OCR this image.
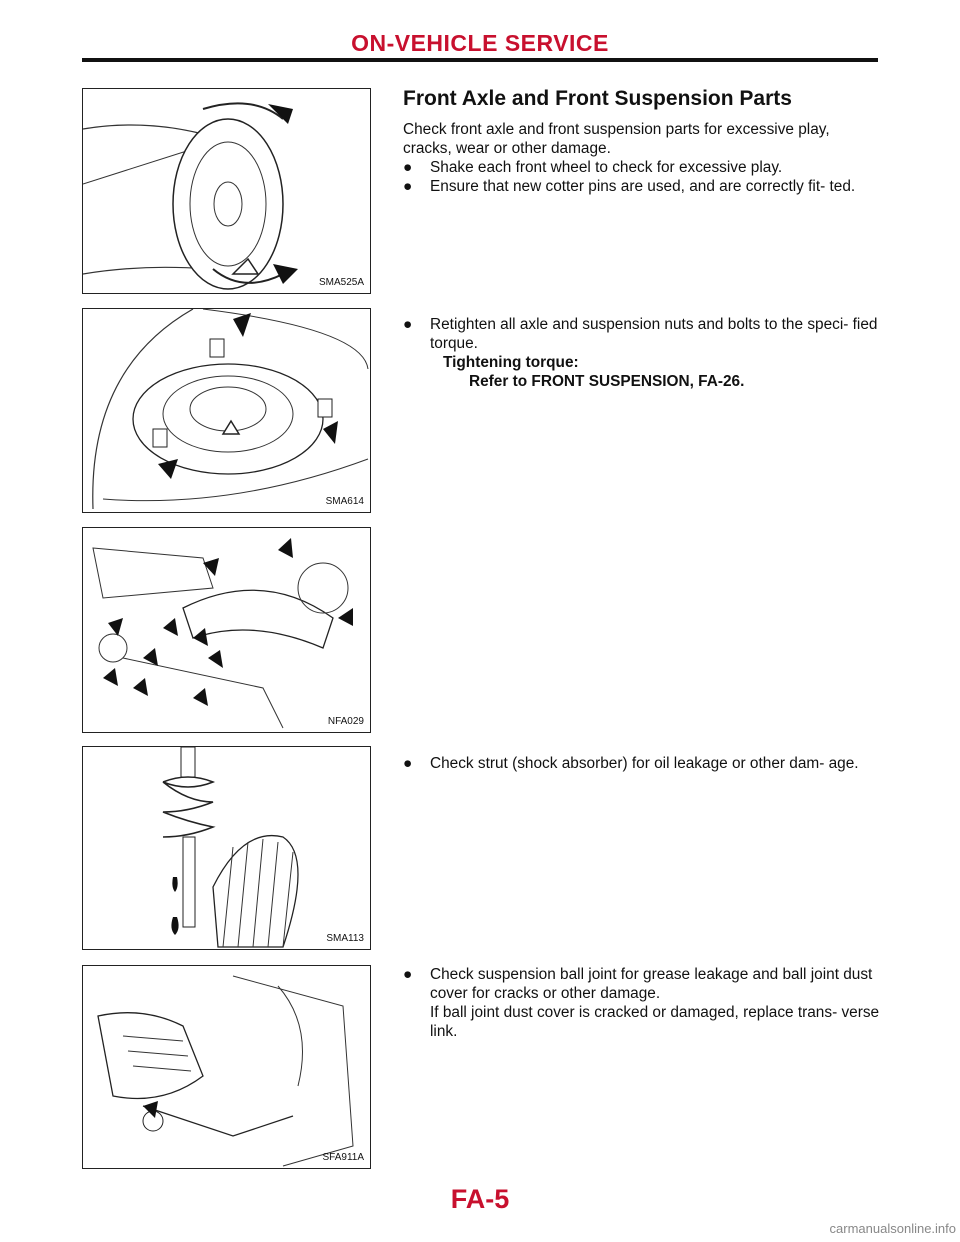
ON-VEHICLE SERVICE
SMA525A
SMA614
NFA029
SMA113
SFA911A
Front Axle and Front Suspension Parts

Check front axle and front suspension parts for excessive play, cracks, wear or other damage.

● Shake each front wheel to check for excessive play.
● Ensure that new cotter pins are used, and are correctly fit- ted.
● Retighten all axle and suspension nuts and bolts to the speci- fied torque.
Tightening torque:
Refer to FRONT SUSPENSION, FA-26.
● Check strut (shock absorber) for oil leakage or other dam- age.
● Check suspension ball joint for grease leakage and ball joint dust cover for cracks or other damage.

If ball joint dust cover is cracked or damaged, replace trans- verse link.

FA-5
carmanualsonline.info
